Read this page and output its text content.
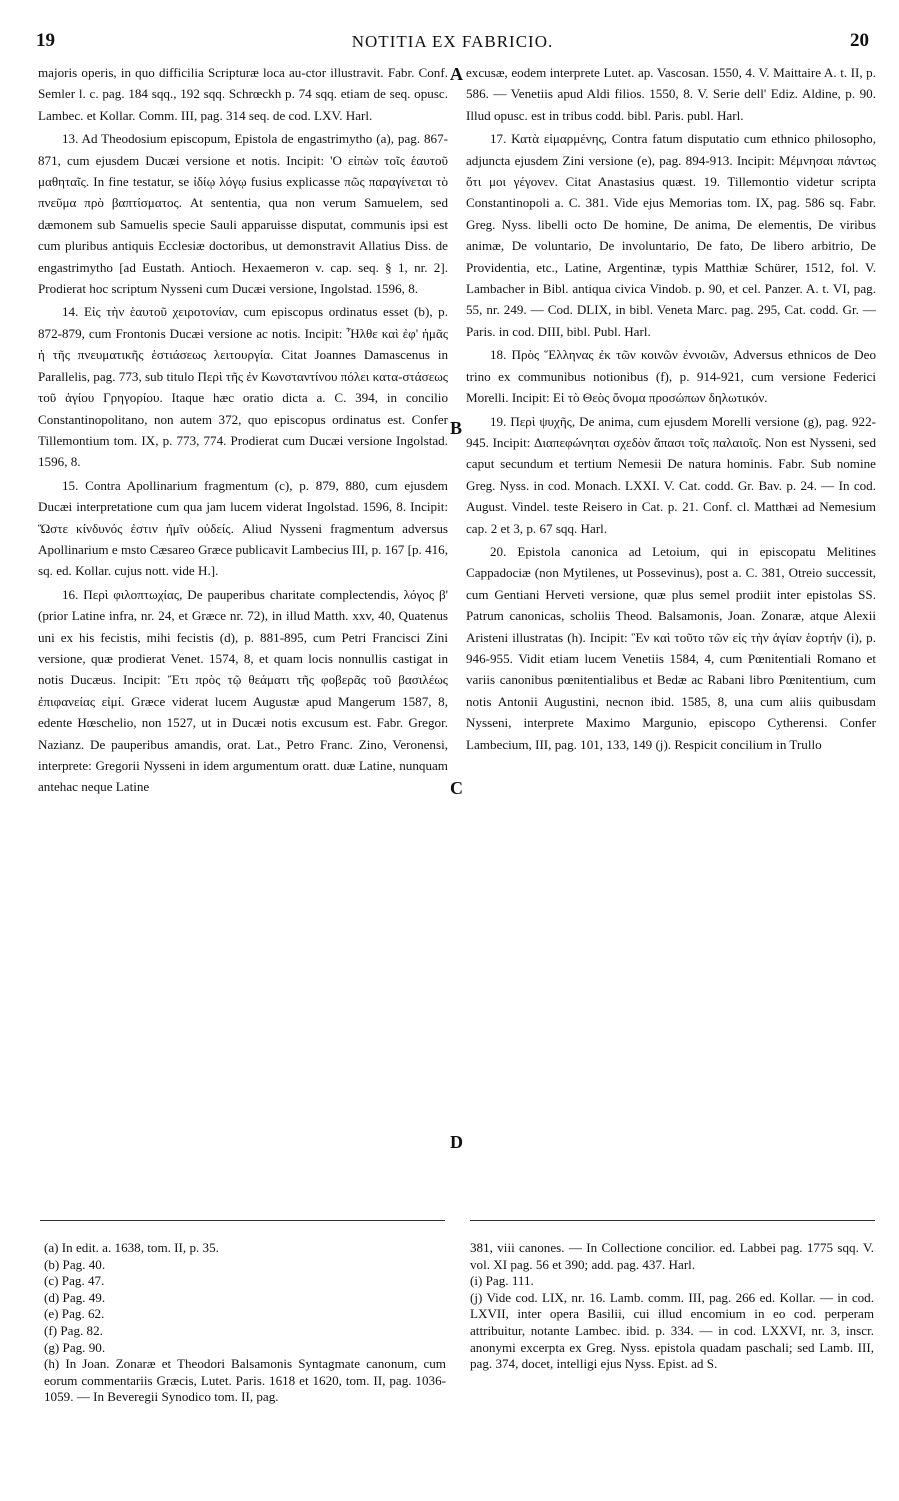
19	NOTITIA EX FABRICIO.	20

majoris operis, in quo difficilia Scripturæ loca au-ctor illustravit. Fabr. Conf. Semler l. c. pag. 184 sqq., 192 sqq. Schrœckh p. 74 sqq. etiam de seq. opusc. Lambec. et Kollar. Comm. III, pag. 314 seq. de cod. LXV. Harl.

13. Ad Theodosium episcopum, Epistola de engastrimytho (a), pag. 867-871, cum ejusdem Ducæi versione et notis. Incipit: 'Ο εἰπὼν τοῖς ἑαυτοῦ μαθηταῖς. In fine testatur, se ἰδίῳ λόγῳ fusius explicasse πῶς παραγίνεται τὸ πνεῦμα πρὸ βαπτίσματος. At sententia, qua non verum Samuelem, sed dæmonem sub Samuelis specie Sauli apparuisse disputat, communis ipsi est cum pluribus antiquis Ecclesiæ doctoribus, ut demonstravit Allatius Diss. de engastrimytho [ad Eustath. Antioch. Hexaemeron v. cap. seq. § 1, nr. 2]. Prodierat hoc scriptum Nysseni cum Ducæi versione, Ingolstad. 1596, 8.

14. Εἰς τὴν ἑαυτοῦ χειροτονίαν, cum episcopus ordinatus esset (b), p. 872-879, cum Frontonis Ducæi versione ac notis. Incipit: Ἦλθε καὶ ἐφ' ἡμᾶς ἡ τῆς πνευματικῆς ἑστιάσεως λειτουργία. Citat Joannes Damascenus in Parallelis, pag. 773, sub titulo Περὶ τῆς ἐν Κωνσταντίνου πόλει κατα-στάσεως τοῦ ἁγίου Γρηγορίου. Itaque hæc oratio dicta a. C. 394, in concilio Constantinopolitano, non autem 372, quo episcopus ordinatus est. Confer Tillemontium tom. IX, p. 773, 774. Prodierat cum Ducæi versione Ingolstad. 1596, 8.

15. Contra Apollinarium fragmentum (c), p. 879, 880, cum ejusdem Ducæi interpretatione cum qua jam lucem viderat Ingolstad. 1596, 8. Incipit: Ὥστε κίνδυνός ἐστιν ἡμῖν οὐδείς. Aliud Nysseni fragmentum adversus Apollinarium e msto Cæsareo Græce publicavit Lambecius III, p. 167 [p. 416, sq. ed. Kollar. cujus nott. vide H.].

16. Περὶ φιλοπτωχίας, De pauperibus charitate complectendis, λόγος β' (prior Latine infra, nr. 24, et Græce nr. 72), in illud Matth. xxv, 40, Quatenus uni ex his fecistis, mihi fecistis (d), p. 881-895, cum Petri Francisci Zini versione, quæ prodierat Venet. 1574, 8, et quam locis nonnullis castigat in notis Ducæus. Incipit: Ἔτι πρὸς τῷ θεάματι τῆς φοβερᾶς τοῦ βασιλέως ἐπιφανείας εἰμί. Græce viderat lucem Augustæ apud Mangerum 1587, 8, edente Hœschelio, non 1527, ut in Ducæi notis excusum est. Fabr. Gregor. Nazianz. De pauperibus amandis, orat. Lat., Petro Franc. Zino, Veronensi, interprete: Gregorii Nysseni in idem argumentum oratt. duæ Latine, nunquam antehac neque Latine

A
B
C
D

excusæ, eodem interprete Lutet. ap. Vascosan. 1550, 4. V. Maittaire A. t. II, p. 586. — Venetiis apud Aldi filios. 1550, 8. V. Serie dell' Ediz. Aldine, p. 90. Illud opusc. est in tribus codd. bibl. Paris. publ. Harl.

17. Κατὰ εἱμαρμένης, Contra fatum disputatio cum ethnico philosopho, adjuncta ejusdem Zini versione (e), pag. 894-913. Incipit: Μέμνησαι πάντως ὅτι μοι γέγονεν. Citat Anastasius quæst. 19. Tillemontio videtur scripta Constantinopoli a. C. 381. Vide ejus Memorias tom. IX, pag. 586 sq. Fabr. Greg. Nyss. libelli octo De homine, De anima, De elementis, De viribus animæ, De voluntario, De involuntario, De fato, De libero arbitrio, De Providentia, etc., Latine, Argentinæ, typis Matthiæ Schürer, 1512, fol. V. Lambacher in Bibl. antiqua civica Vindob. p. 90, et cel. Panzer. A. t. VI, pag. 55, nr. 249. — Cod. DLIX, in bibl. Veneta Marc. pag. 295, Cat. codd. Gr. — Paris. in cod. DIII, bibl. Publ. Harl.

18. Πρὸς Ἕλληνας ἐκ τῶν κοινῶν ἐννοιῶν, Adversus ethnicos de Deo trino ex communibus notionibus (f), p. 914-921, cum versione Federici Morelli. Incipit: Εἰ τὸ Θεὸς ὄνομα προσώπων δηλωτικόν.

19. Περὶ ψυχῆς, De anima, cum ejusdem Morelli versione (g), pag. 922-945. Incipit: Διαπεφώνηται σχεδὸν ἅπασι τοῖς παλαιοῖς. Non est Nysseni, sed caput secundum et tertium Nemesii De natura hominis. Fabr. Sub nomine Greg. Nyss. in cod. Monach. LXXI. V. Cat. codd. Gr. Bav. p. 24. — In cod. August. Vindel. teste Reisero in Cat. p. 21. Conf. cl. Matthæi ad Nemesium cap. 2 et 3, p. 67 sqq. Harl.

20. Epistola canonica ad Letoium, qui in episcopatu Melitines Cappadociæ (non Mytilenes, ut Possevinus), post a. C. 381, Otreio successit, cum Gentiani Herveti versione, quæ plus semel prodiit inter epistolas SS. Patrum canonicas, scholiis Theod. Balsamonis, Joan. Zonaræ, atque Alexii Aristeni illustratas (h). Incipit: Ἓν καὶ τοῦτο τῶν εἰς τὴν ἁγίαν ἑορτήν (i), p. 946-955. Vidit etiam lucem Venetiis 1584, 4, cum Pœnitentiali Romano et variis canonibus pœnitentialibus et Bedæ ac Rabani libro Pœnitentium, cum notis Antonii Augustini, necnon ibid. 1585, 8, una cum aliis quibusdam Nysseni, interprete Maximo Margunio, episcopo Cytherensi. Confer Lambecium, III, pag. 101, 133, 149 (j). Respicit concilium in Trullo

(a) In edit. a. 1638, tom. II, p. 35.

(b) Pag. 40.

(c) Pag. 47.

(d) Pag. 49.

(e) Pag. 62.

(f) Pag. 82.

(g) Pag. 90.

(h) In Joan. Zonaræ et Theodori Balsamonis Syntagmate canonum, cum eorum commentariis Græcis, Lutet. Paris. 1618 et 1620, tom. II, pag. 1036-1059. — In Beveregii Synodico tom. II, pag.

381, viii canones. — In Collectione concilior. ed. Labbei pag. 1775 sqq. V. vol. XI pag. 56 et 390; add. pag. 437. Harl.

(i) Pag. 111.

(j) Vide cod. LIX, nr. 16. Lamb. comm. III, pag. 266 ed. Kollar. — in cod. LXVII, inter opera Basilii, cui illud encomium in eo cod. perperam attribuitur, notante Lambec. ibid. p. 334. — in cod. LXXVI, nr. 3, inscr. anonymi excerpta ex Greg. Nyss. epistola quadam paschali; sed Lamb. III, pag. 374, docet, intelligi ejus Nyss. Epist. ad S.
